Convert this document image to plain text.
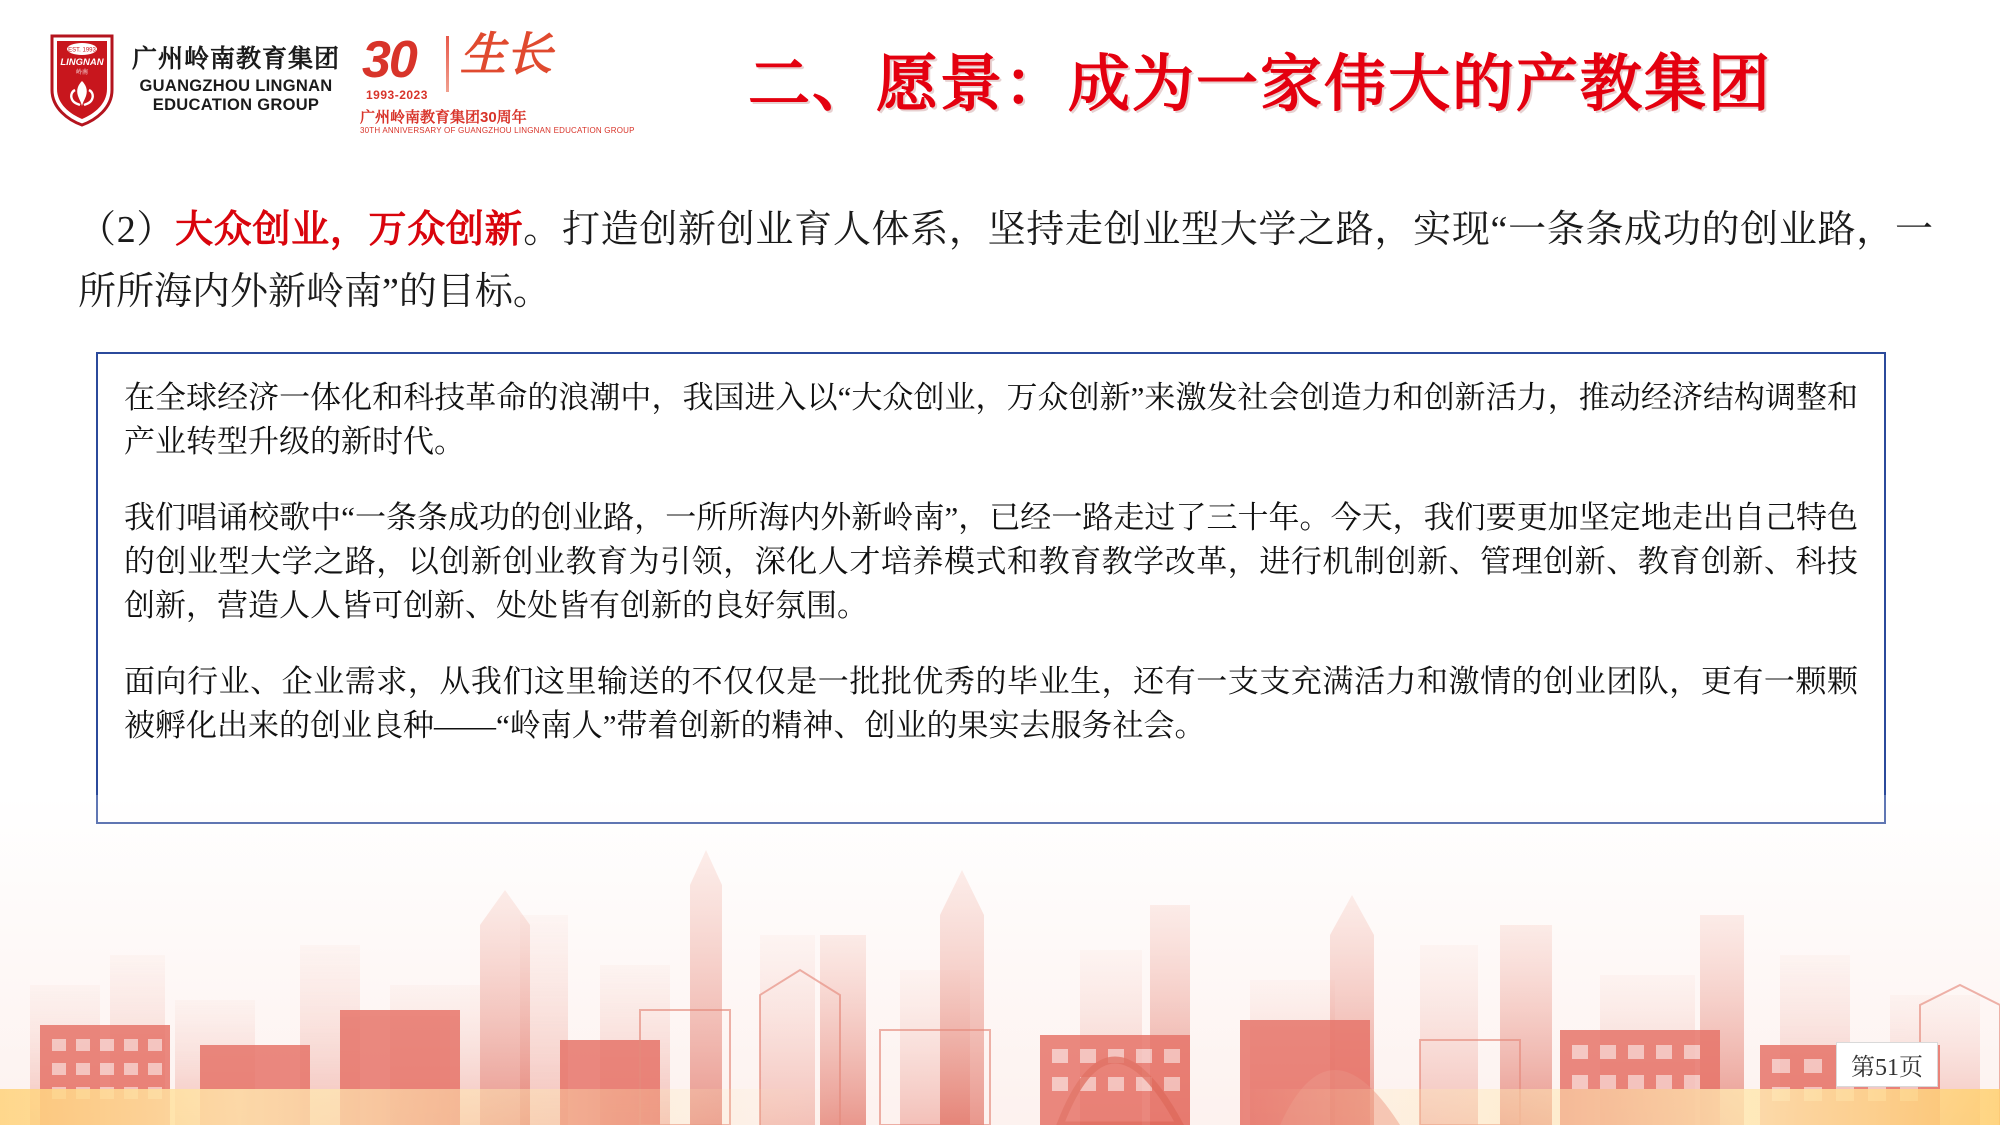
EST. 1993
LINGNAN
岭南
广州岭南教育集团
GUANGZHOU LINGNAN
EDUCATION GROUP
30
1993-2023
生长
广州岭南教育集团30周年
30TH ANNIVERSARY OF GUANGZHOU LINGNAN EDUCATION GROUP
二、愿景：成为一家伟大的产教集团
（2）大众创业，万众创新。打造创新创业育人体系，坚持走创业型大学之路，实现“一条条成功的创业路，一所所海内外新岭南”的目标。

在全球经济一体化和科技革命的浪潮中，我国进入以“大众创业，万众创新”来激发社会创造力和创新活力，推动经济结构调整和产业转型升级的新时代。

我们唱诵校歌中“一条条成功的创业路，一所所海内外新岭南”，已经一路走过了三十年。今天，我们要更加坚定地走出自己特色的创业型大学之路，以创新创业教育为引领，深化人才培养模式和教育教学改革，进行机制创新、管理创新、教育创新、科技创新，营造人人皆可创新、处处皆有创新的良好氛围。

面向行业、企业需求，从我们这里输送的不仅仅是一批批优秀的毕业生，还有一支支充满活力和激情的创业团队，更有一颗颗被孵化出来的创业良种——“岭南人”带着创新的精神、创业的果实去服务社会。

第51页
